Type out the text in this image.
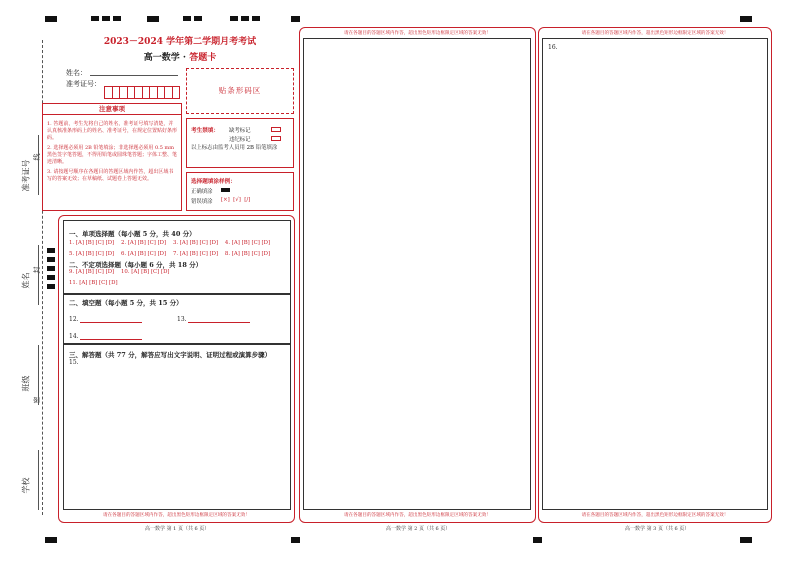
准考证号
姓名
班级
学校
线
封
密
2023－2024 学年第二学期月考考试
高一数学 · 答题卡
姓名：
准考证号：
贴条形码区
注意事项
1. 答题前，考生先将自己的姓名，准考证号填写清楚，并认真核准条形码上的姓名、准考证号，在规定位置贴好条形码。
2. 选择题必须用 2B 铅笔填涂；非选择题必须用 0.5 mm 黑色签字笔答题，不得用铅笔或圆珠笔答题；字体工整、笔迹清晰。
3. 请按题号顺序在各题目的答题区域内作答，超出区域书写的答案无效；在草稿纸、试题卷上答题无效。
考生禁填： 缺考标记
违纪标记
以上标志由监考人员用 2B 铅笔填涂
选择题填涂样例：
正确填涂
错误填涂 [×]  [√]  [/]
一、单项选择题（每小题 5 分，共 40 分）
1. [A] [B] [C] [D]    2. [A] [B] [C] [D]    3. [A] [B] [C] [D]    4. [A] [B] [C] [D]
5. [A] [B] [C] [D]    6. [A] [B] [C] [D]    7. [A] [B] [C] [D]    8. [A] [B] [C] [D]
二、不定项选择题（每小题 6 分，共 18 分）
9. [A] [B] [C] [D]    10. [A] [B] [C] [D]
11. [A] [B] [C] [D]
二、填空题（每小题 5 分，共 15 分）
12.	13.
14.
三、解答题（共 77 分，解答应写出文字说明、证明过程或演算步骤）
15.
请在各题目的答题区域内作答，超出黑色矩形边框限定区域的答案无效！
高一数学 第 1 页（共 6 页）
请在各题目的答题区域内作答，超出黑色矩形边框限定区域的答案无效！
请在各题目的答题区域内作答，超出黑色矩形边框限定区域的答案无效！
高一数学 第 2 页（共 6 页）
请在各题目的答题区域内作答，超出黑色矩形边框限定区域的答案无效！
16.
请在各题目的答题区域内作答，超出黑色矩形边框限定区域的答案无效！
高一数学 第 3 页（共 6 页）
